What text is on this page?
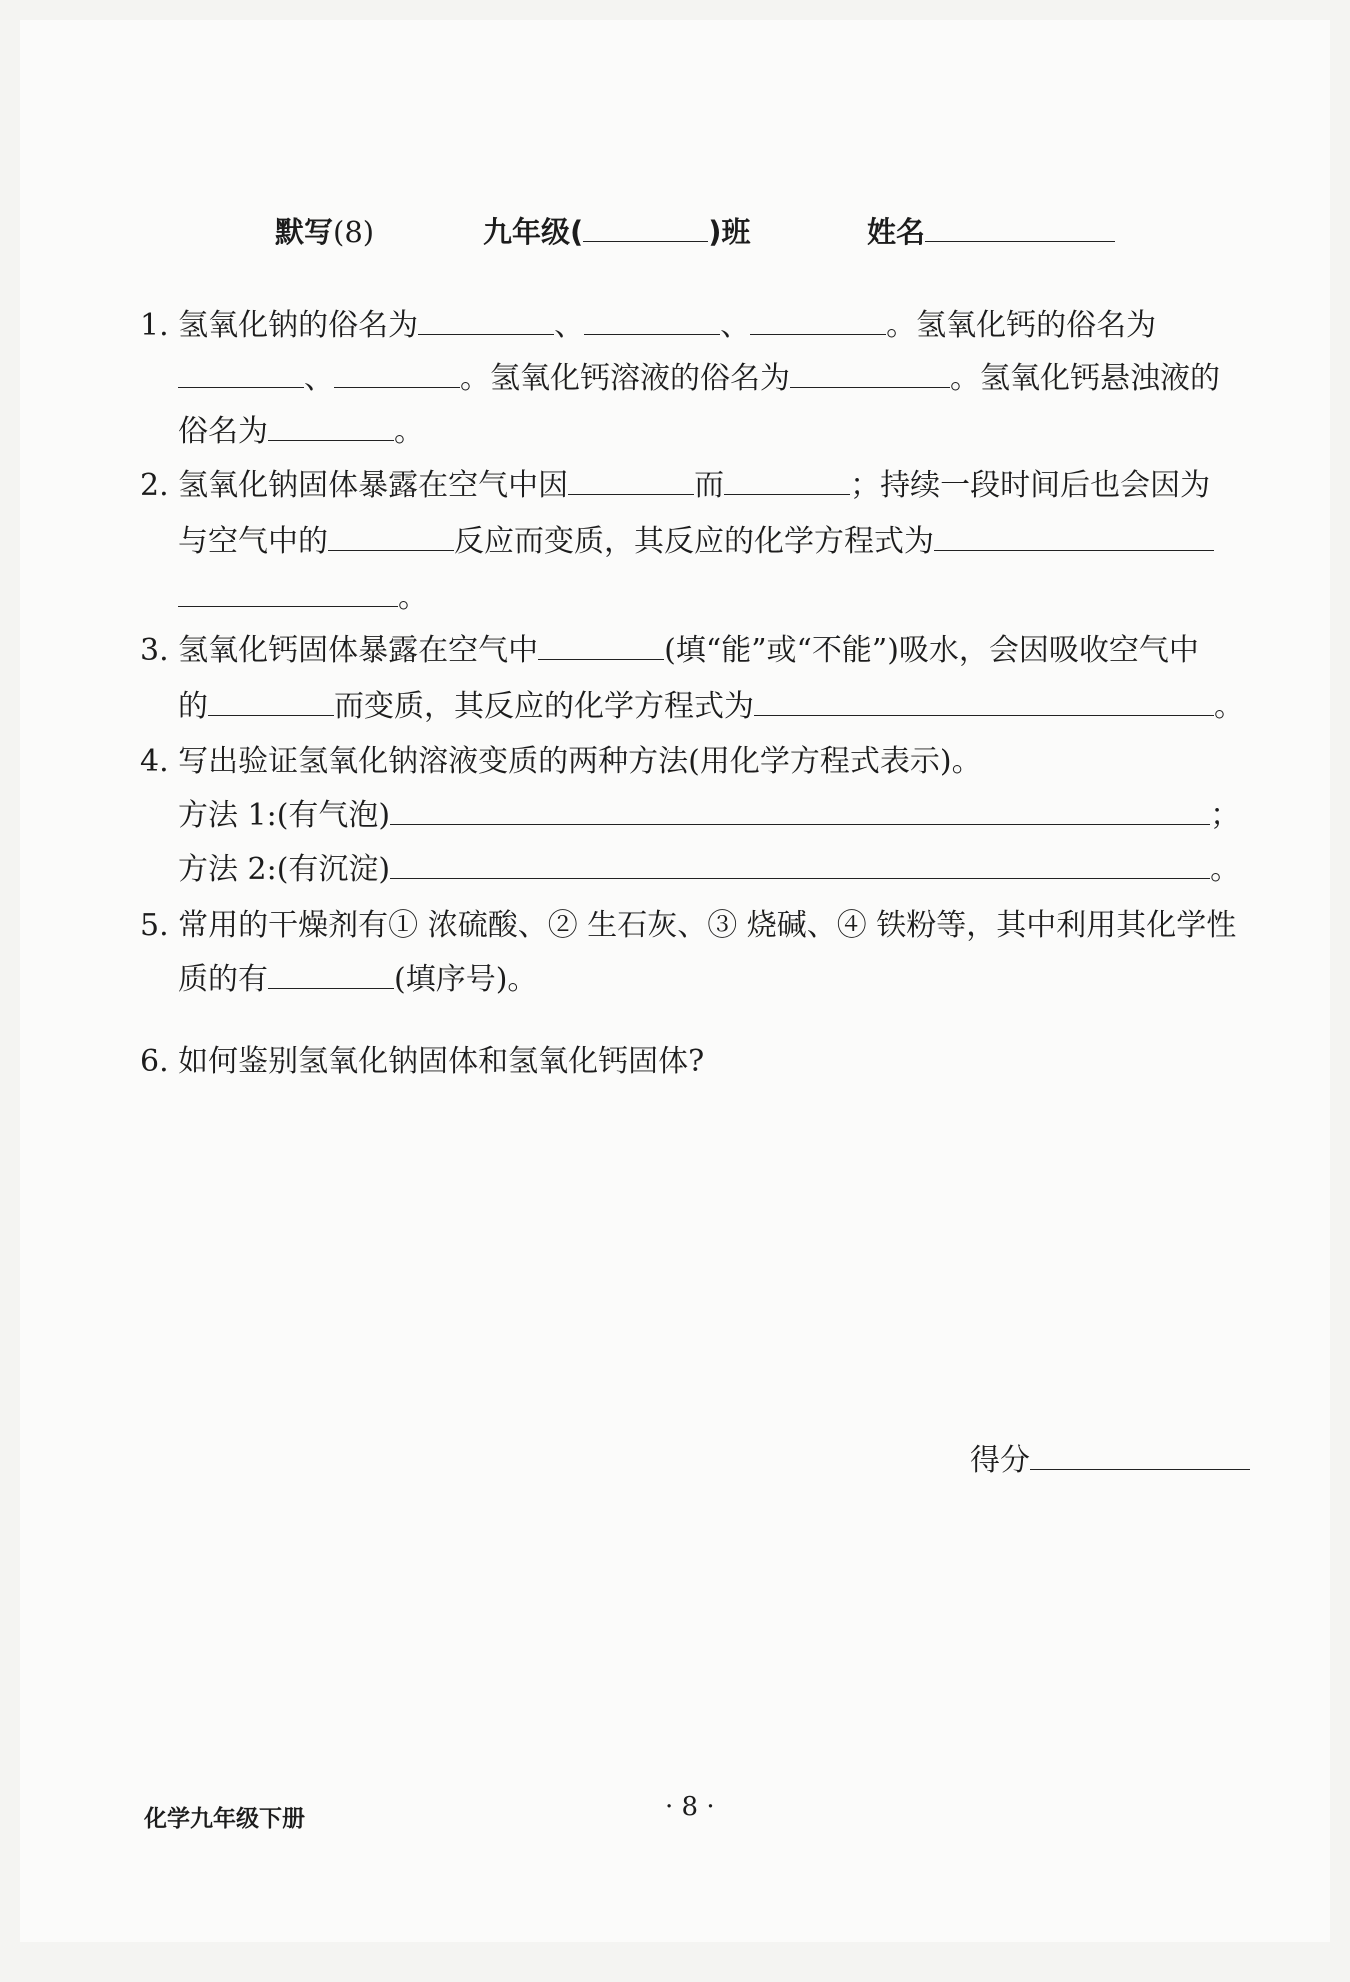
默写(8)	九年级(	)班	姓名
1. 氢氧化钠的俗名为	、	、	。氢氧化钙的俗名为
、	。氢氧化钙溶液的俗名为	。氢氧化钙悬浊液的
俗名为	。
2. 氢氧化钠固体暴露在空气中因	而	；持续一段时间后也会因为
与空气中的	反应而变质，其反应的化学方程式为
。
3. 氢氧化钙固体暴露在空气中	(填“能”或“不能”)吸水，会因吸收空气中
的	而变质，其反应的化学方程式为	。
4. 写出验证氢氧化钠溶液变质的两种方法(用化学方程式表示)。
方法 1:(有气泡)	；
方法 2:(有沉淀)	。
5. 常用的干燥剂有① 浓硫酸、② 生石灰、③ 烧碱、④ 铁粉等，其中利用其化学性
质的有	(填序号)。
6. 如何鉴别氢氧化钠固体和氢氧化钙固体?
得分
化学九年级下册	· 8 ·
